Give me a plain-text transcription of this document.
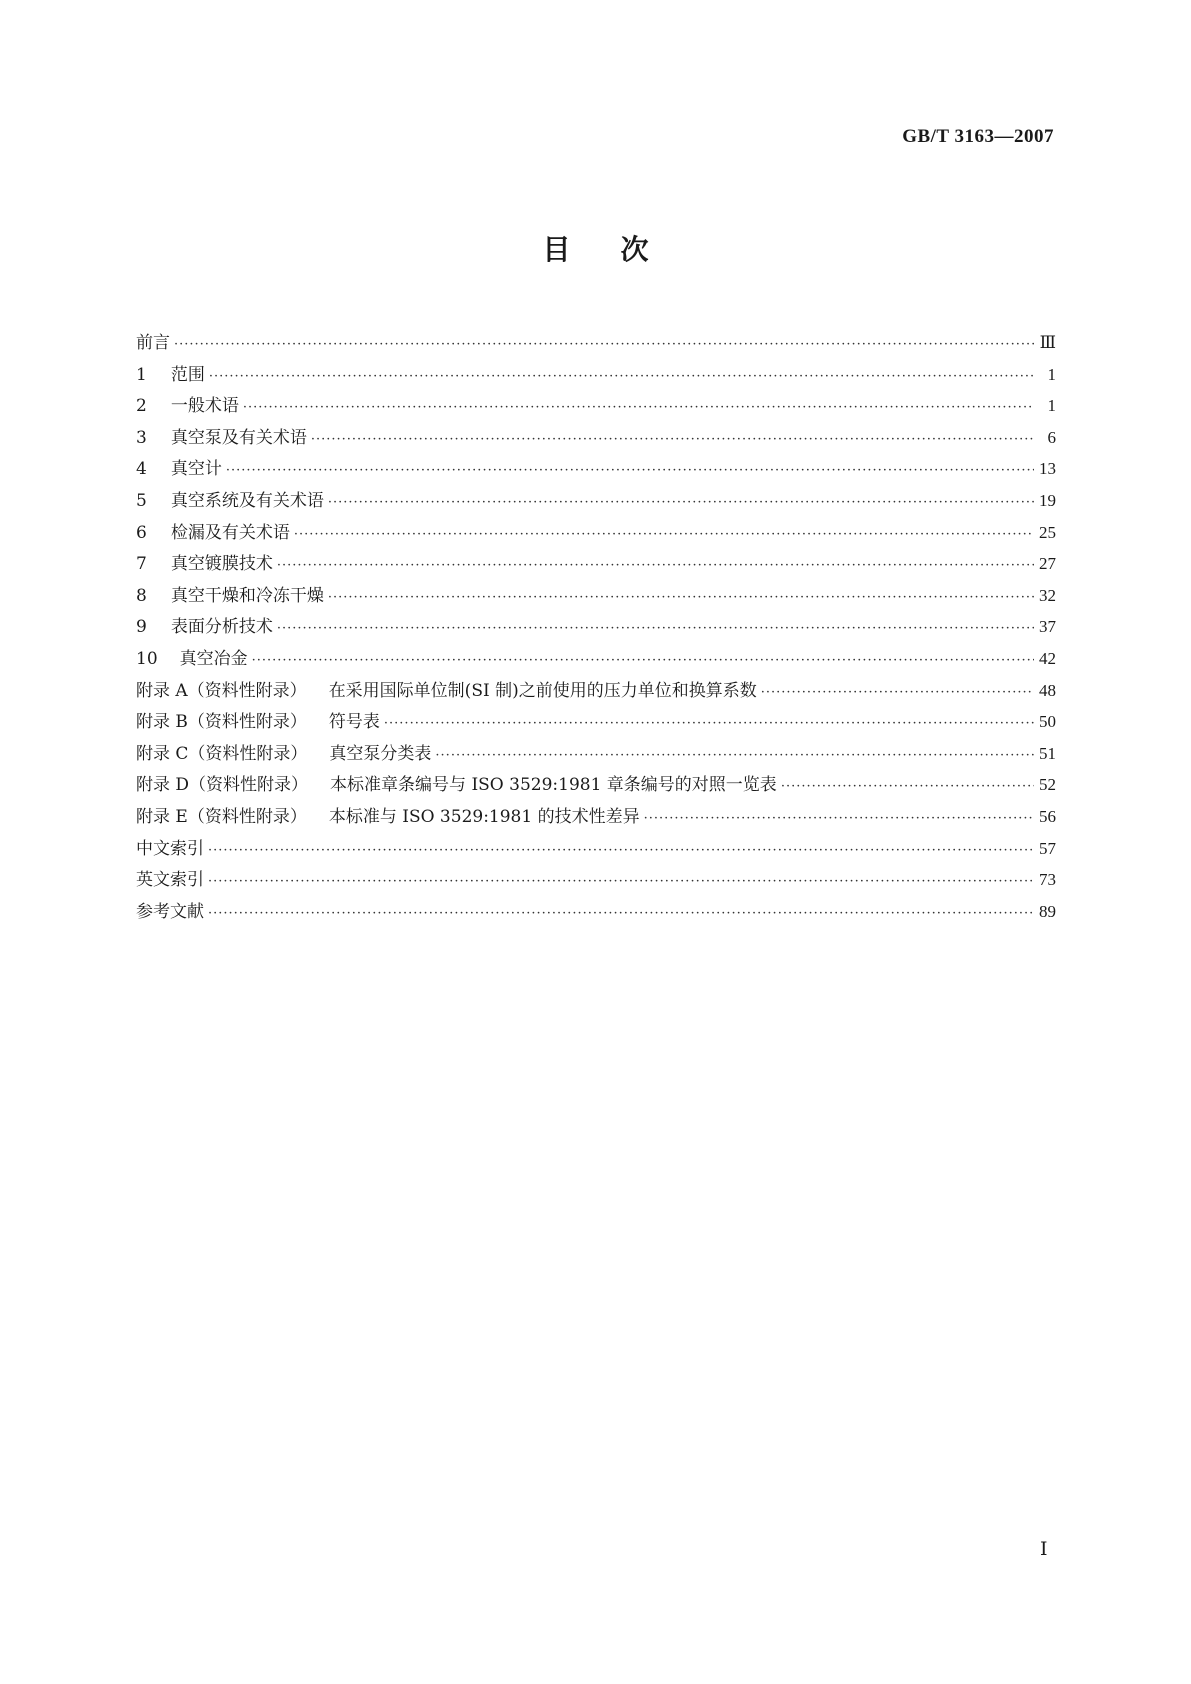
GB/T 3163—2007
目次
前言 ·····	Ⅲ
1 范围 ·····	1
2 一般术语 ·····	1
3 真空泵及有关术语 ·····	6
4 真空计 ·····	13
5 真空系统及有关术语 ·····	19
6 检漏及有关术语 ·····	25
7 真空镀膜技术 ·····	27
8 真空干燥和冷冻干燥 ·····	32
9 表面分析技术 ·····	37
10 真空冶金 ·····	42
附录 A（资料性附录） 在采用国际单位制(SI 制)之前使用的压力单位和换算系数 ·····	48
附录 B（资料性附录） 符号表 ·····	50
附录 C（资料性附录） 真空泵分类表 ·····	51
附录 D（资料性附录） 本标准章条编号与 ISO 3529:1981 章条编号的对照一览表 ·····	52
附录 E（资料性附录） 本标准与 ISO 3529:1981 的技术性差异 ·····	56
中文索引 ·····	57
英文索引 ·····	73
参考文献 ·····	89
Ⅰ
